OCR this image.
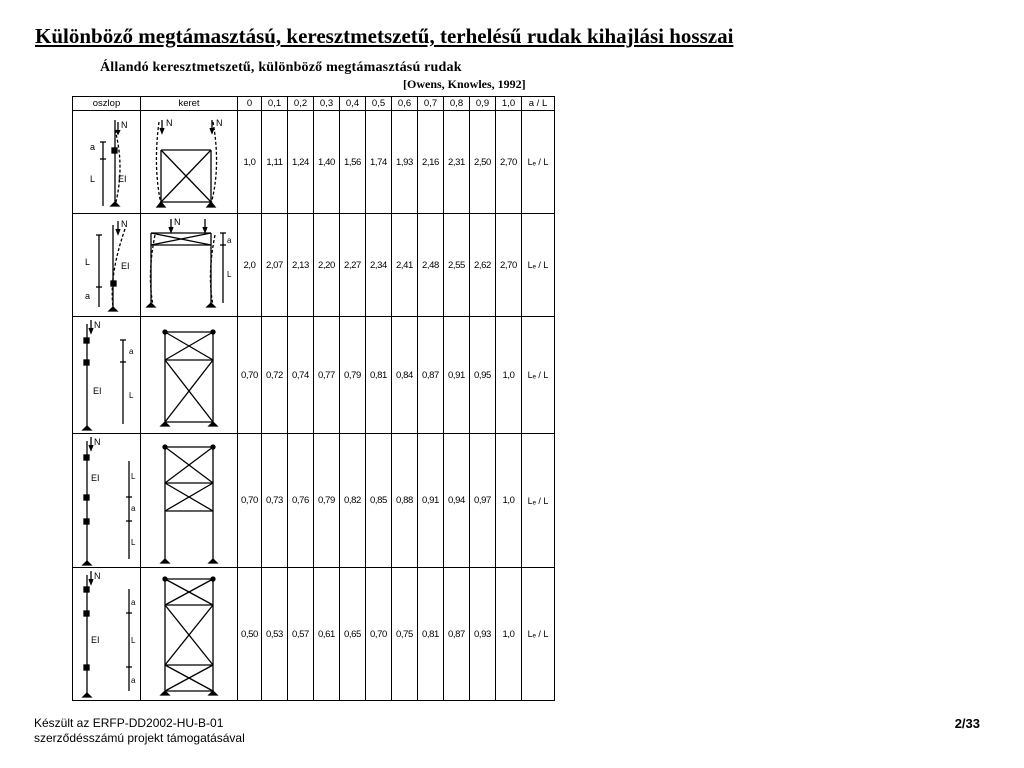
Különböző megtámasztású, keresztmetszetű, terhelésű rudak kihajlási hosszai
Állandó keresztmetszetű, különböző megtámasztású rudak
[Owens, Knowles, 1992]
oszlop	keret	0	0,1	0,2	0,3	0,4	0,5	0,6	0,7	0,8	0,9	1,0	a / L

N
a
L EI	N N	1,0	1,11	1,24	1,40	1,56	1,74	1,93	2,16	2,31	2,50	2,70	Lₑ / L

N
L
a
EI	N
a
L	2,0	2,07	2,13	2,20	2,27	2,34	2,41	2,48	2,55	2,62	2,70	Lₑ / L

N
a
L
EI		0,70	0,72	0,74	0,77	0,79	0,81	0,84	0,87	0,91	0,95	1,0	Lₑ / L

N
L
a
L
EI		0,70	0,73	0,76	0,79	0,82	0,85	0,88	0,91	0,94	0,97	1,0	Lₑ / L

N
a
L
a
EI		0,50	0,53	0,57	0,61	0,65	0,70	0,75	0,81	0,87	0,93	1,0	Lₑ / L
Készült az ERFP-DD2002-HU-B-01
szerződésszámú projekt támogatásával
2/33
